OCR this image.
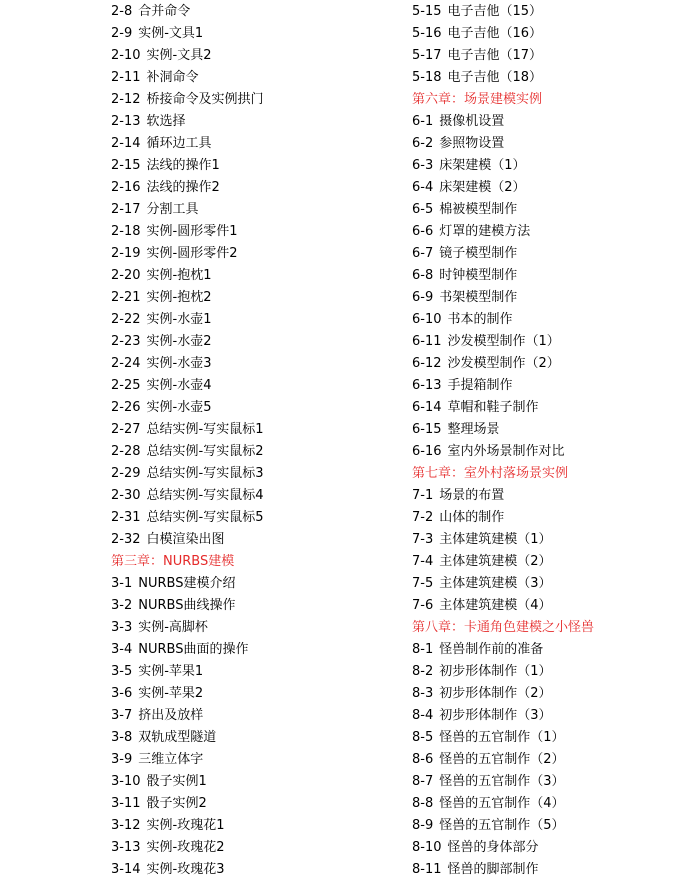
2-8 合并命令
2-9 实例-文具1
2-10 实例-文具2
2-11 补洞命令
2-12 桥接命令及实例拱门
2-13 软选择
2-14 循环边工具
2-15 法线的操作1
2-16 法线的操作2
2-17 分割工具
2-18 实例-圆形零件1
2-19 实例-圆形零件2
2-20 实例-抱枕1
2-21 实例-抱枕2
2-22 实例-水壶1
2-23 实例-水壶2
2-24 实例-水壶3
2-25 实例-水壶4
2-26 实例-水壶5
2-27 总结实例-写实鼠标1
2-28 总结实例-写实鼠标2
2-29 总结实例-写实鼠标3
2-30 总结实例-写实鼠标4
2-31 总结实例-写实鼠标5
2-32 白模渲染出图
第三章：NURBS建模
3-1 NURBS建模介绍
3-2 NURBS曲线操作
3-3 实例-高脚杯
3-4 NURBS曲面的操作
3-5 实例-苹果1
3-6 实例-苹果2
3-7 挤出及放样
3-8 双轨成型隧道
3-9 三维立体字
3-10 骰子实例1
3-11 骰子实例2
3-12 实例-玫瑰花1
3-13 实例-玫瑰花2
3-14 实例-玫瑰花3
5-15 电子吉他（15）
5-16 电子吉他（16）
5-17 电子吉他（17）
5-18 电子吉他（18）
第六章：场景建模实例
6-1 摄像机设置
6-2 参照物设置
6-3 床架建模（1）
6-4 床架建模（2）
6-5 棉被模型制作
6-6 灯罩的建模方法
6-7 镜子模型制作
6-8 时钟模型制作
6-9 书架模型制作
6-10 书本的制作
6-11 沙发模型制作（1）
6-12 沙发模型制作（2）
6-13 手提箱制作
6-14 草帽和鞋子制作
6-15 整理场景
6-16 室内外场景制作对比
第七章：室外村落场景实例
7-1 场景的布置
7-2 山体的制作
7-3 主体建筑建模（1）
7-4 主体建筑建模（2）
7-5 主体建筑建模（3）
7-6 主体建筑建模（4）
第八章：卡通角色建模之小怪兽
8-1 怪兽制作前的准备
8-2 初步形体制作（1）
8-3 初步形体制作（2）
8-4 初步形体制作（3）
8-5 怪兽的五官制作（1）
8-6 怪兽的五官制作（2）
8-7 怪兽的五官制作（3）
8-8 怪兽的五官制作（4）
8-9 怪兽的五官制作（5）
8-10 怪兽的身体部分
8-11 怪兽的脚部制作
